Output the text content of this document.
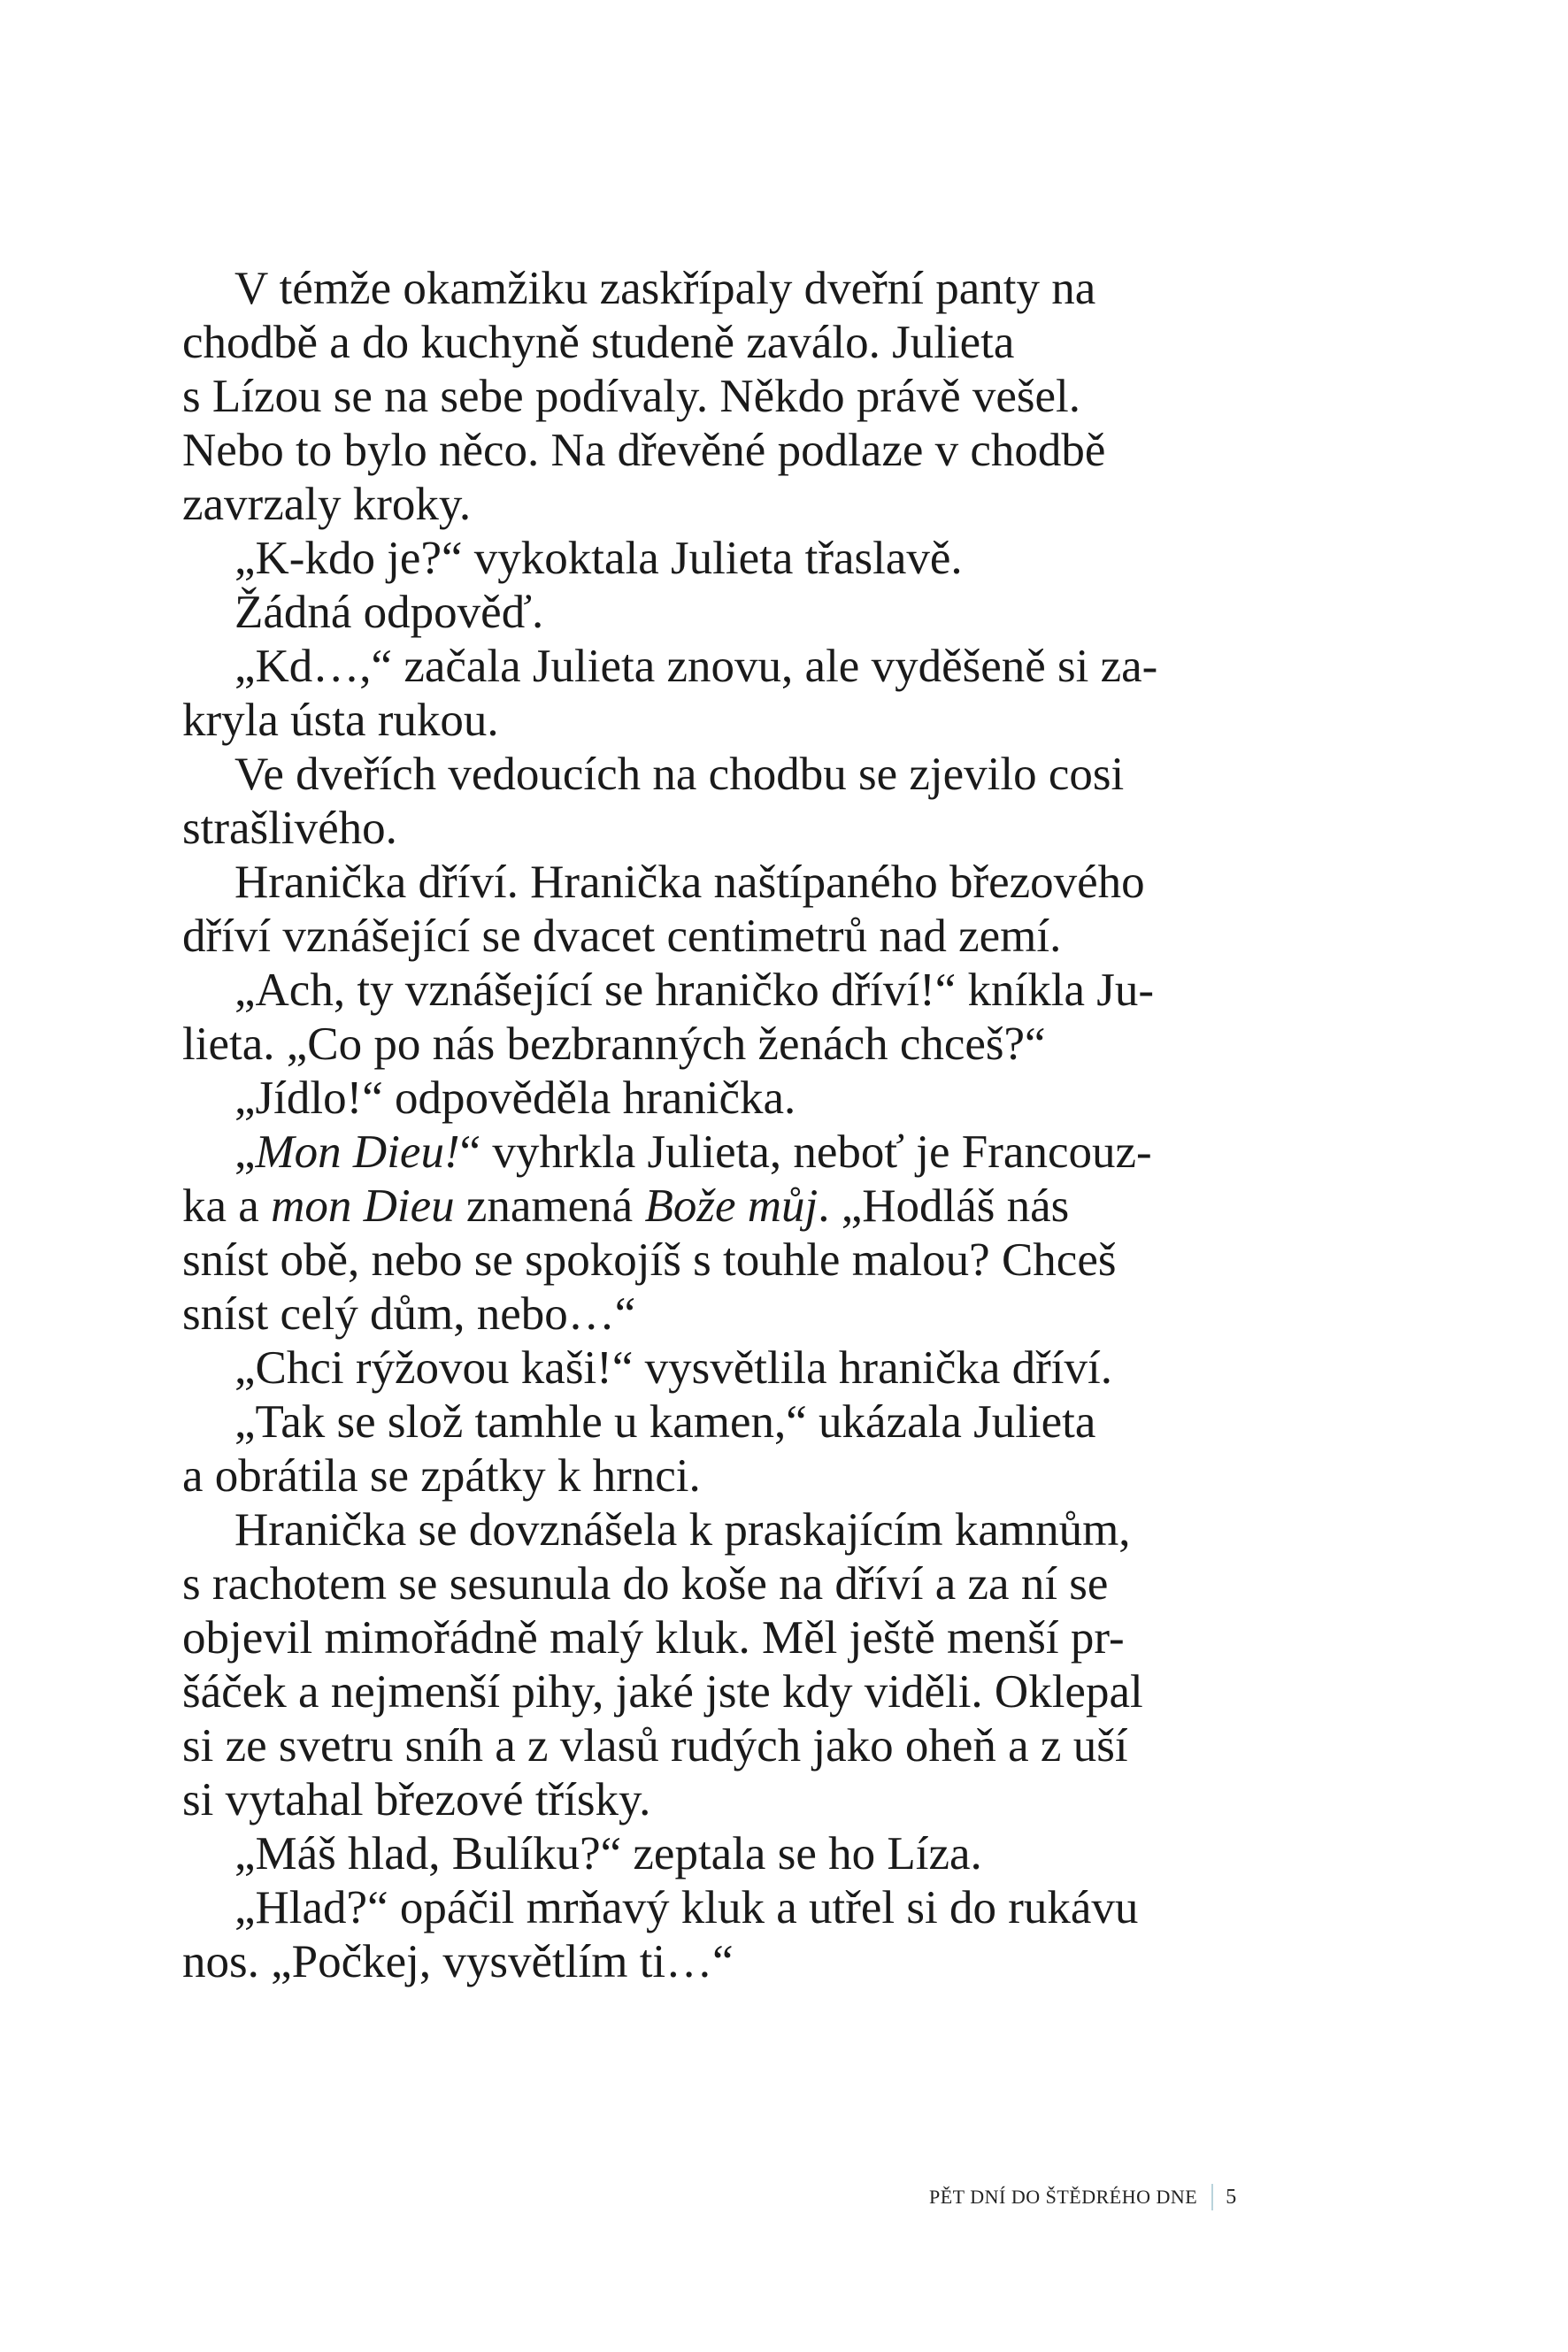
V témže okamžiku zaskřípaly dveřní panty na
chodbě a do kuchyně studeně zaválo. Julieta
s Lízou se na sebe podívaly. Někdo právě vešel.
Nebo to bylo něco. Na dřevěné podlaze v chodbě
zavrzaly kroky.
„K-kdo je?“ vykoktala Julieta třaslavě.
Žádná odpověď.
„Kd…,“ začala Julieta znovu, ale vyděšeně si za-
kryla ústa rukou.
Ve dveřích vedoucích na chodbu se zjevilo cosi
strašlivého.
Hranička dříví. Hranička naštípaného březového
dříví vznášející se dvacet centimetrů nad zemí.
„Ach, ty vznášející se hraničko dříví!“ kníkla Ju-
lieta. „Co po nás bezbranných ženách chceš?“
„Jídlo!“ odpověděla hranička.
„Mon Dieu!“ vyhrkla Julieta, neboť je Francouz-
ka a mon Dieu znamená Bože můj. „Hodláš nás
sníst obě, nebo se spokojíš s touhle malou? Chceš
sníst celý dům, nebo…“
„Chci rýžovou kaši!“ vysvětlila hranička dříví.
„Tak se slož tamhle u kamen,“ ukázala Julieta
a obrátila se zpátky k hrnci.
Hranička se dovznášela k praskajícím kamnům,
s rachotem se sesunula do koše na dříví a za ní se
objevil mimořádně malý kluk. Měl ještě menší pr-
šáček a nejmenší pihy, jaké jste kdy viděli. Oklepal
si ze svetru sníh a z vlasů rudých jako oheň a z uší
si vytahal březové třísky.
„Máš hlad, Bulíku?“ zeptala se ho Líza.
„Hlad?“ opáčil mrňavý kluk a utřel si do rukávu
nos. „Počkej, vysvětlím ti…“
PĚT DNÍ DO ŠTĚDRÉHO DNE 5
